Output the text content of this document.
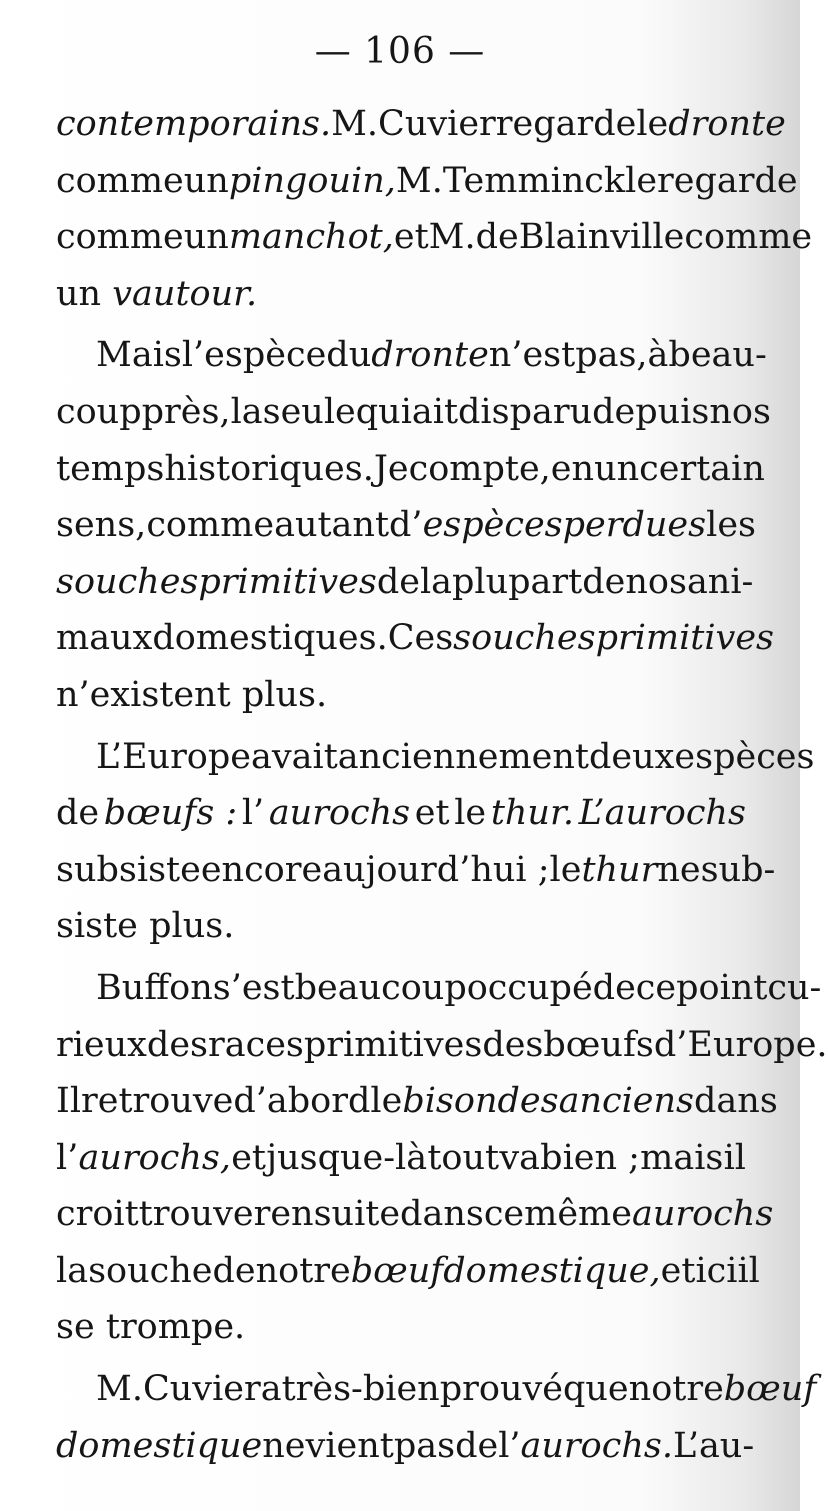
— 106 —
contemporains. M. Cuvier regarde le dronte
comme un pingouin, M. Temminck le regarde
comme un manchot, et M. de Blainville comme
un vautour.
Mais l’espèce du dronte n’est pas, à beau-
coup près, la seule qui ait disparu depuis nos
temps historiques. Je compte , en un certain
sens, comme autant d’ espèces perdues les
souches primitives de la plupart de nos ani-
maux domestiques. Ces souches primitives
n’existent plus.
L’Europe avait anciennement deux espèces
de bœufs : l’ aurochs et le thur. L’aurochs
subsiste encore aujourd’hui ; le thur ne sub-
siste plus.
Buffon s’est beaucoup occupé de ce point cu-
rieux des races primitives des bœufs d’Europe.
Il retrouve d’abord le bison des anciens dans
l’ aurochs, et jusque-là tout va bien ; mais il
croit trouver ensuite dans ce même aurochs
la souche de notre bœuf domestique, et ici il
se trompe.
M. Cuvier a très-bien prouvé que notre bœuf
domestique ne vient pas de l’ aurochs. L’au-
